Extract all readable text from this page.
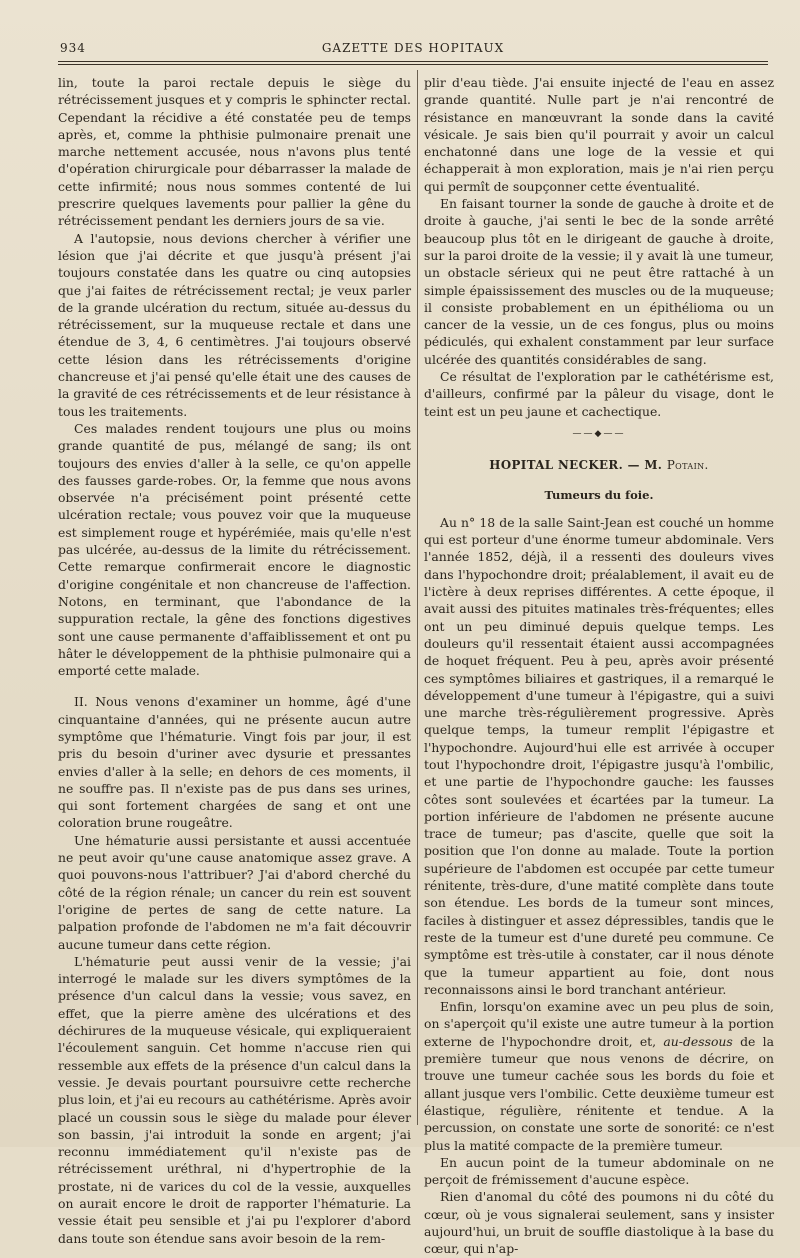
934	GAZETTE DES HOPITAUX

lin, toute la paroi rectale depuis le siège du rétrécissement jusques et y compris le sphincter rectal. Cependant la récidive a été constatée peu de temps après, et, comme la phthisie pulmonaire prenait une marche nettement accusée, nous n'avons plus tenté d'opération chirurgicale pour débarrasser la malade de cette infirmité; nous nous sommes contenté de lui prescrire quelques lavements pour pallier la gêne du rétrécissement pendant les derniers jours de sa vie.

A l'autopsie, nous devions chercher à vérifier une lésion que j'ai décrite et que jusqu'à présent j'ai toujours constatée dans les quatre ou cinq autopsies que j'ai faites de rétrécissement rectal; je veux parler de la grande ulcération du rectum, située au-dessus du rétrécissement, sur la muqueuse rectale et dans une étendue de 3, 4, 6 centimètres. J'ai toujours observé cette lésion dans les rétrécissements d'origine chancreuse et j'ai pensé qu'elle était une des causes de la gravité de ces rétrécissements et de leur résistance à tous les traitements.

Ces malades rendent toujours une plus ou moins grande quantité de pus, mélangé de sang; ils ont toujours des envies d'aller à la selle, ce qu'on appelle des fausses garde-robes. Or, la femme que nous avons observée n'a précisément point présenté cette ulcération rectale; vous pouvez voir que la muqueuse est simplement rouge et hypérémiée, mais qu'elle n'est pas ulcérée, au-dessus de la limite du rétrécissement. Cette remarque confirmerait encore le diagnostic d'origine congénitale et non chancreuse de l'affection. Notons, en terminant, que l'abondance de la suppuration rectale, la gêne des fonctions digestives sont une cause permanente d'affaiblissement et ont pu hâter le développement de la phthisie pulmonaire qui a emporté cette malade.

II. Nous venons d'examiner un homme, âgé d'une cinquantaine d'années, qui ne présente aucun autre symptôme que l'hématurie. Vingt fois par jour, il est pris du besoin d'uriner avec dysurie et pressantes envies d'aller à la selle; en dehors de ces moments, il ne souffre pas. Il n'existe pas de pus dans ses urines, qui sont fortement chargées de sang et ont une coloration brune rougeâtre.

Une hématurie aussi persistante et aussi accentuée ne peut avoir qu'une cause anatomique assez grave. A quoi pouvons-nous l'attribuer? J'ai d'abord cherché du côté de la région rénale; un cancer du rein est souvent l'origine de pertes de sang de cette nature. La palpation profonde de l'abdomen ne m'a fait découvrir aucune tumeur dans cette région.

L'hématurie peut aussi venir de la vessie; j'ai interrogé le malade sur les divers symptômes de la présence d'un calcul dans la vessie; vous savez, en effet, que la pierre amène des ulcérations et des déchirures de la muqueuse vésicale, qui expliqueraient l'écoulement sanguin. Cet homme n'accuse rien qui ressemble aux effets de la présence d'un calcul dans la vessie. Je devais pourtant poursuivre cette recherche plus loin, et j'ai eu recours au cathétérisme. Après avoir placé un coussin sous le siège du malade pour élever son bassin, j'ai introduit la sonde en argent; j'ai reconnu immédiatement qu'il n'existe pas de rétrécissement uréthral, ni d'hypertrophie de la prostate, ni de varices du col de la vessie, auxquelles on aurait encore le droit de rapporter l'hématurie. La vessie était peu sensible et j'ai pu l'explorer d'abord dans toute son étendue sans avoir besoin de la rem-

plir d'eau tiède. J'ai ensuite injecté de l'eau en assez grande quantité. Nulle part je n'ai rencontré de résistance en manœuvrant la sonde dans la cavité vésicale. Je sais bien qu'il pourrait y avoir un calcul enchatonné dans une loge de la vessie et qui échapperait à mon exploration, mais je n'ai rien perçu qui permît de soupçonner cette éventualité.

En faisant tourner la sonde de gauche à droite et de droite à gauche, j'ai senti le bec de la sonde arrêté beaucoup plus tôt en le dirigeant de gauche à droite, sur la paroi droite de la vessie; il y avait là une tumeur, un obstacle sérieux qui ne peut être rattaché à un simple épaississement des muscles ou de la muqueuse; il consiste probablement en un épithélioma ou un cancer de la vessie, un de ces fongus, plus ou moins pédiculés, qui exhalent constamment par leur surface ulcérée des quantités considérables de sang.

Ce résultat de l'exploration par le cathétérisme est, d'ailleurs, confirmé par la pâleur du visage, dont le teint est un peu jaune et cachectique.

——◆——
HOPITAL NECKER. — M. Potain.
Tumeurs du foie.

Au n° 18 de la salle Saint-Jean est couché un homme qui est porteur d'une énorme tumeur abdominale. Vers l'année 1852, déjà, il a ressenti des douleurs vives dans l'hypochondre droit; préalablement, il avait eu de l'ictère à deux reprises différentes. A cette époque, il avait aussi des pituites matinales très-fréquentes; elles ont un peu diminué depuis quelque temps. Les douleurs qu'il ressentait étaient aussi accompagnées de hoquet fréquent. Peu à peu, après avoir présenté ces symptômes biliaires et gastriques, il a remarqué le développement d'une tumeur à l'épigastre, qui a suivi une marche très-régulièrement progressive. Après quelque temps, la tumeur remplit l'épigastre et l'hypochondre. Aujourd'hui elle est arrivée à occuper tout l'hypochondre droit, l'épigastre jusqu'à l'ombilic, et une partie de l'hypochondre gauche: les fausses côtes sont soulevées et écartées par la tumeur. La portion inférieure de l'abdomen ne présente aucune trace de tumeur; pas d'ascite, quelle que soit la position que l'on donne au malade. Toute la portion supérieure de l'abdomen est occupée par cette tumeur rénitente, très-dure, d'une matité complète dans toute son étendue. Les bords de la tumeur sont minces, faciles à distinguer et assez dépressibles, tandis que le reste de la tumeur est d'une dureté peu commune. Ce symptôme est très-utile à constater, car il nous dénote que la tumeur appartient au foie, dont nous reconnaissons ainsi le bord tranchant antérieur.

Enfin, lorsqu'on examine avec un peu plus de soin, on s'aperçoit qu'il existe une autre tumeur à la portion externe de l'hypochondre droit, et, au-dessous de la première tumeur que nous venons de décrire, on trouve une tumeur cachée sous les bords du foie et allant jusque vers l'ombilic. Cette deuxième tumeur est élastique, régulière, rénitente et tendue. A la percussion, on constate une sorte de sonorité: ce n'est plus la matité compacte de la première tumeur.

En aucun point de la tumeur abdominale on ne perçoit de frémissement d'aucune espèce.

Rien d'anomal du côté des poumons ni du côté du cœur, où je vous signalerai seulement, sans y insister aujourd'hui, un bruit de souffle diastolique à la base du cœur, qui n'ap-
